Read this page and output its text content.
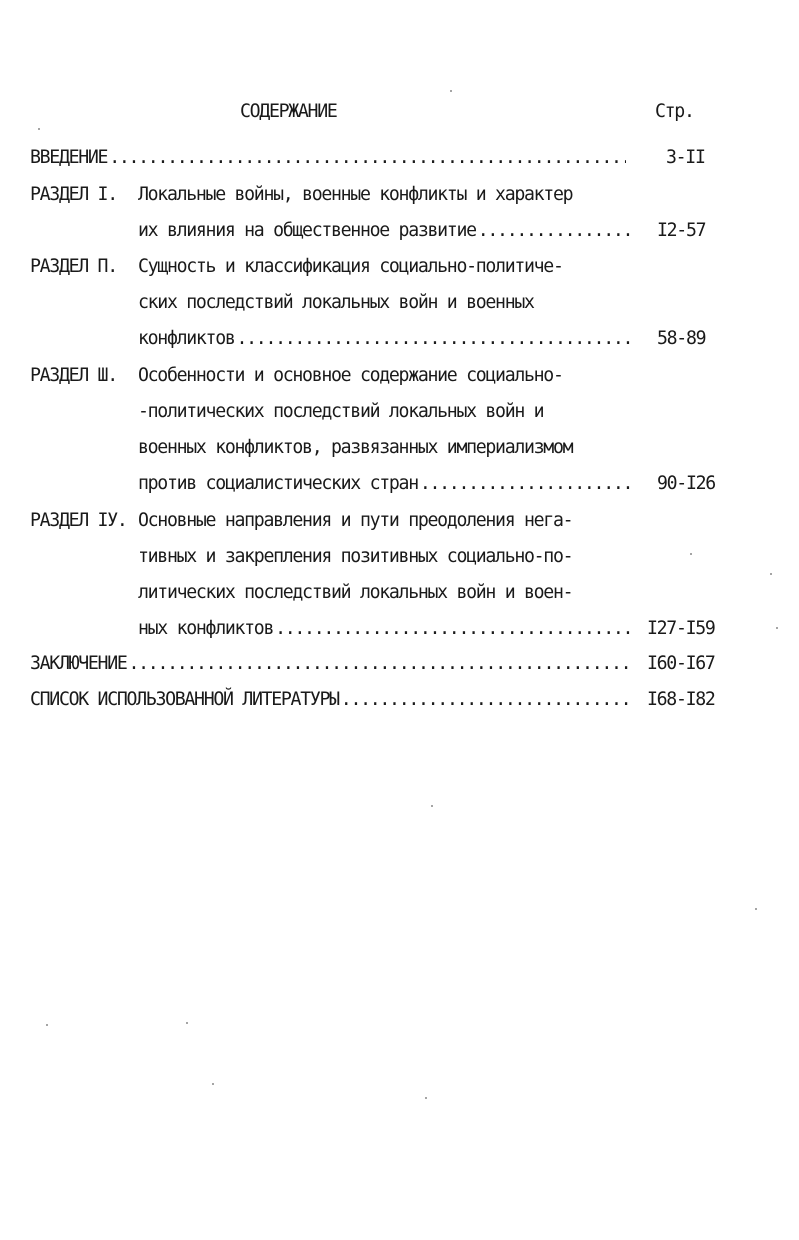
СОДЕРЖАНИЕ	Стр.
ВВЕДЕНИЕ .....	3-II
РАЗДЕЛ I. Локальные войны, военные конфликты и характер
их влияния на общественное развитие .....	I2-57
РАЗДЕЛ П. Сущность и классификация социально-политиче-
ских последствий локальных войн и военных
конфликтов .....	58-89
РАЗДЕЛ Ш. Особенности и основное содержание социально-
-политических последствий локальных войн и
военных конфликтов, развязанных империализмом
против социалистических стран .....	90-I26
РАЗДЕЛ IУ. Основные направления и пути преодоления нега-
тивных и закрепления позитивных социально-по-
литических последствий локальных войн и воен-
ных конфликтов .....	I27-I59
ЗАКЛЮЧЕНИЕ .....	I60-I67
СПИСОК ИСПОЛЬЗОВАННОЙ ЛИТЕРАТУРЫ .....	I68-I82
